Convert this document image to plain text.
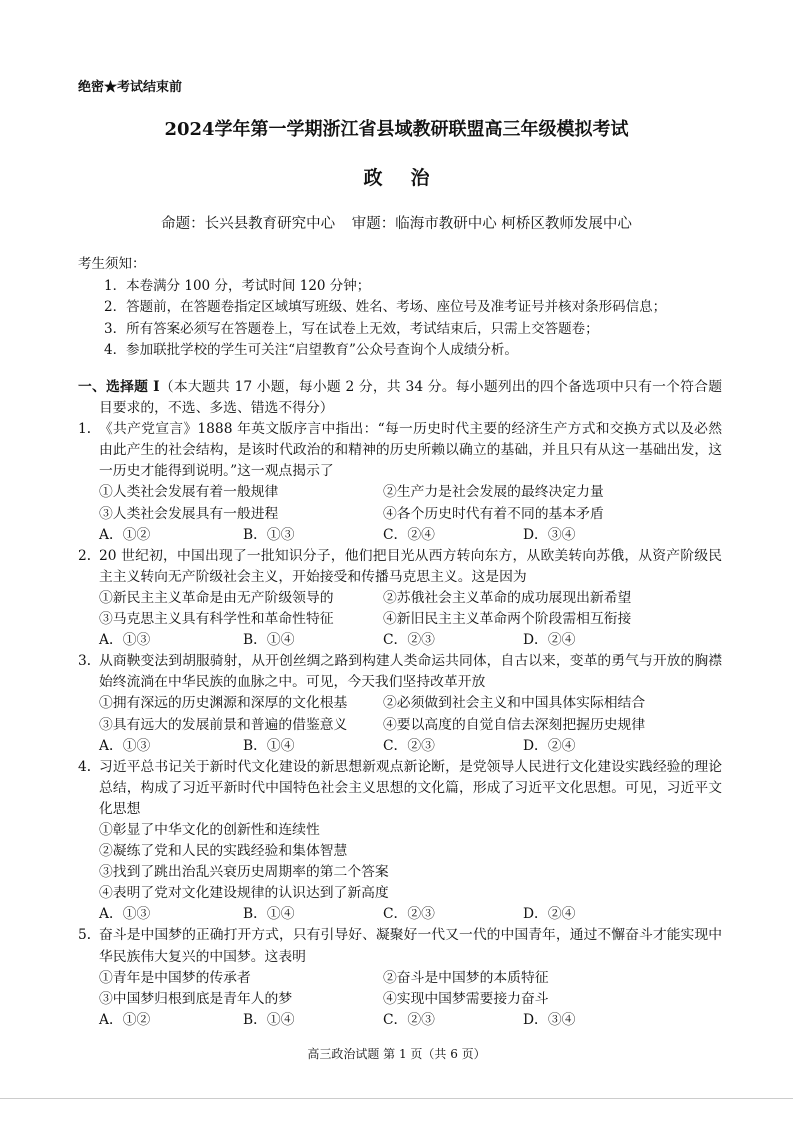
绝密★考试结束前
2024学年第一学期浙江省县域教研联盟高三年级模拟考试
政治
命题：长兴县教育研究中心 审题：临海市教研中心 柯桥区教师发展中心
考生须知：
1．本卷满分 100 分，考试时间 120 分钟；
2．答题前，在答题卷指定区域填写班级、姓名、考场、座位号及准考证号并核对条形码信息；
3．所有答案必须写在答题卷上，写在试卷上无效，考试结束后，只需上交答题卷；
4．参加联批学校的学生可关注“启望教育”公众号查询个人成绩分析。
一、选择题 I（本大题共 17 小题，每小题 2 分，共 34 分。每小题列出的四个备选项中只有一个符合题目要求的，不选、多选、错选不得分）
1．
《共产党宣言》1888 年英文版序言中指出：“每一历史时代主要的经济生产方式和交换方式以及必然由此产生的社会结构，是该时代政治的和精神的历史所赖以确立的基础，并且只有从这一基础出发，这一历史才能得到说明。”这一观点揭示了
①人类社会发展有着一般规律	②生产力是社会发展的最终决定力量
③人类社会发展具有一般进程	④各个历史时代有着不同的基本矛盾
A．①②	B．①③	C．②④	D．③④
2．
20 世纪初，中国出现了一批知识分子，他们把目光从西方转向东方，从欧美转向苏俄，从资产阶级民主主义转向无产阶级社会主义，开始接受和传播马克思主义。这是因为
①新民主主义革命是由无产阶级领导的	②苏俄社会主义革命的成功展现出新希望
③马克思主义具有科学性和革命性特征	④新旧民主主义革命两个阶段需相互衔接
A．①③	B．①④	C．②③	D．②④
3．
从商鞅变法到胡服骑射，从开创丝绸之路到构建人类命运共同体，自古以来，变革的勇气与开放的胸襟始终流淌在中华民族的血脉之中。可见，今天我们坚持改革开放
①拥有深远的历史渊源和深厚的文化根基	②必须做到社会主义和中国具体实际相结合
③具有远大的发展前景和普遍的借鉴意义	④要以高度的自觉自信去深刻把握历史规律
A．①③	B．①④	C．②③	D．②④
4．
习近平总书记关于新时代文化建设的新思想新观点新论断，是党领导人民进行文化建设实践经验的理论总结，构成了习近平新时代中国特色社会主义思想的文化篇，形成了习近平文化思想。可见，习近平文化思想
①彰显了中华文化的创新性和连续性
②凝练了党和人民的实践经验和集体智慧
③找到了跳出治乱兴衰历史周期率的第二个答案
④表明了党对文化建设规律的认识达到了新高度
A．①③	B．①④	C．②③	D．②④
5．
奋斗是中国梦的正确打开方式，只有引导好、凝聚好一代又一代的中国青年，通过不懈奋斗才能实现中华民族伟大复兴的中国梦。这表明
①青年是中国梦的传承者	②奋斗是中国梦的本质特征
③中国梦归根到底是青年人的梦	④实现中国梦需要接力奋斗
A．①②	B．①④	C．②③	D．③④
高三政治试题 第 1 页（共 6 页）
